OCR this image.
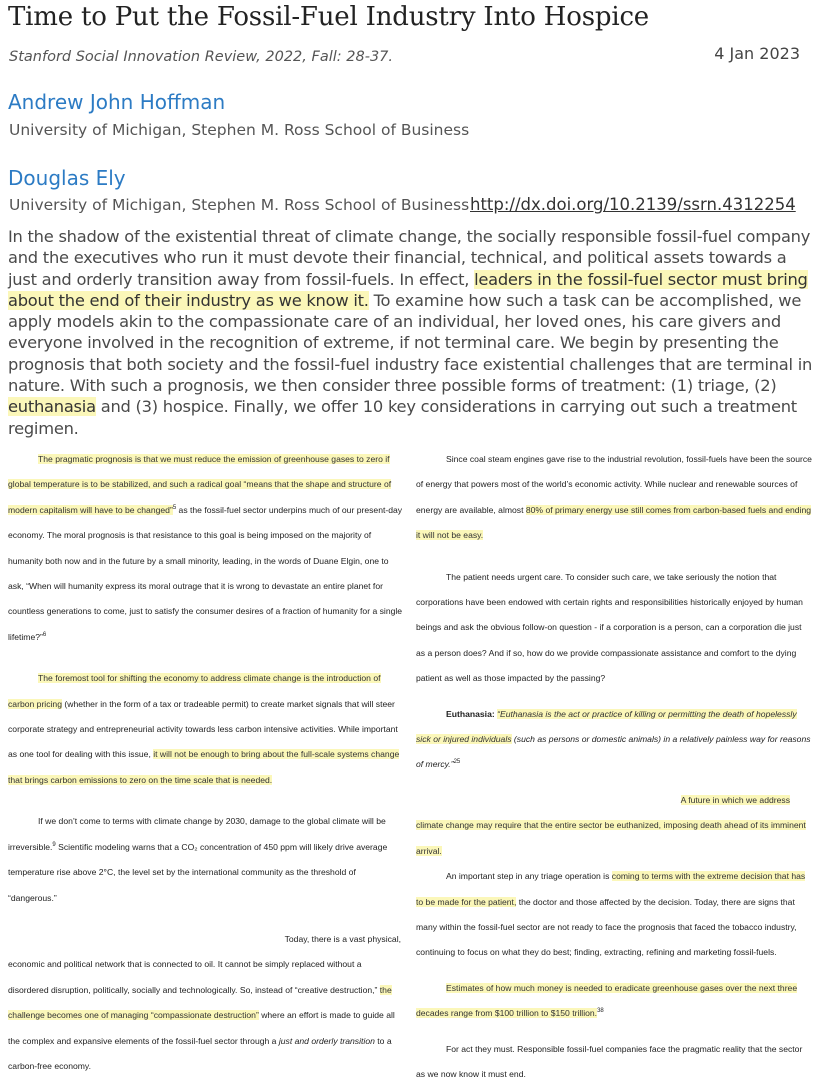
Time to Put the Fossil-Fuel Industry Into Hospice
Stanford Social Innovation Review, 2022, Fall: 28-37.	4 Jan 2023
Andrew John Hoffman
University of Michigan, Stephen M. Ross School of Business
Douglas Ely
University of Michigan, Stephen M. Ross School of Business http://dx.doi.org/10.2139/ssrn.4312254
In the shadow of the existential threat of climate change, the socially responsible fossil-fuel company and the executives who run it must devote their financial, technical, and political assets towards a just and orderly transition away from fossil-fuels. In effect, leaders in the fossil-fuel sector must bring about the end of their industry as we know it. To examine how such a task can be accomplished, we apply models akin to the compassionate care of an individual, her loved ones, his care givers and everyone involved in the recognition of extreme, if not terminal care. We begin by presenting the prognosis that both society and the fossil-fuel industry face existential challenges that are terminal in nature. With such a prognosis, we then consider three possible forms of treatment: (1) triage, (2) euthanasia and (3) hospice. Finally, we offer 10 key considerations in carrying out such a treatment regimen.

The pragmatic prognosis is that we must reduce the emission of greenhouse gases to zero if global temperature is to be stabilized, and such a radical goal “means that the shape and structure of modern capitalism will have to be changed”$^5$ as the fossil-fuel sector underpins much of our present-day economy. The moral prognosis is that resistance to this goal is being imposed on the majority of humanity both now and in the future by a small minority, leading, in the words of Duane Elgin, one to ask, “When will humanity express its moral outrage that it is wrong to devastate an entire planet for countless generations to come, just to satisfy the consumer desires of a fraction of humanity for a single lifetime?”$^6$

The foremost tool for shifting the economy to address climate change is the introduction of carbon pricing (whether in the form of a tax or tradeable permit) to create market signals that will steer corporate strategy and entrepreneurial activity towards less carbon intensive activities. While important as one tool for dealing with this issue, it will not be enough to bring about the full-scale systems change that brings carbon emissions to zero on the time scale that is needed.

If we don’t come to terms with climate change by 2030, damage to the global climate will be irreversible.$^9$ Scientific modeling warns that a CO₂ concentration of 450 ppm will likely drive average temperature rise above 2°C, the level set by the international community as the threshold of “dangerous.”

Today, there is a vast physical,

economic and political network that is connected to oil. It cannot be simply replaced without a disordered disruption, politically, socially and technologically. So, instead of “creative destruction,” the challenge becomes one of managing “compassionate destruction” where an effort is made to guide all the complex and expansive elements of the fossil-fuel sector through a just and orderly transition to a carbon-free economy.

Since coal steam engines gave rise to the industrial revolution, fossil-fuels have been the source of energy that powers most of the world’s economic activity. While nuclear and renewable sources of energy are available, almost 80% of primary energy use still comes from carbon-based fuels and ending it will not be easy.

The patient needs urgent care. To consider such care, we take seriously the notion that corporations have been endowed with certain rights and responsibilities historically enjoyed by human beings and ask the obvious follow-on question - if a corporation is a person, can a corporation die just as a person does? And if so, how do we provide compassionate assistance and comfort to the dying patient as well as those impacted by the passing?

Euthanasia: “Euthanasia is the act or practice of killing or permitting the death of hopelessly sick or injured individuals (such as persons or domestic animals) in a relatively painless way for reasons of mercy.”$^{25}$

A future in which we address

climate change may require that the entire sector be euthanized, imposing death ahead of its imminent arrival.

An important step in any triage operation is coming to terms with the extreme decision that has to be made for the patient, the doctor and those affected by the decision. Today, there are signs that many within the fossil-fuel sector are not ready to face the prognosis that faced the tobacco industry, continuing to focus on what they do best; finding, extracting, refining and marketing fossil-fuels.

Estimates of how much money is needed to eradicate greenhouse gases over the next three decades range from $100 trillion to $150 trillion.$^{38}$

For act they must. Responsible fossil-fuel companies face the pragmatic reality that the sector as we now know it must end.
